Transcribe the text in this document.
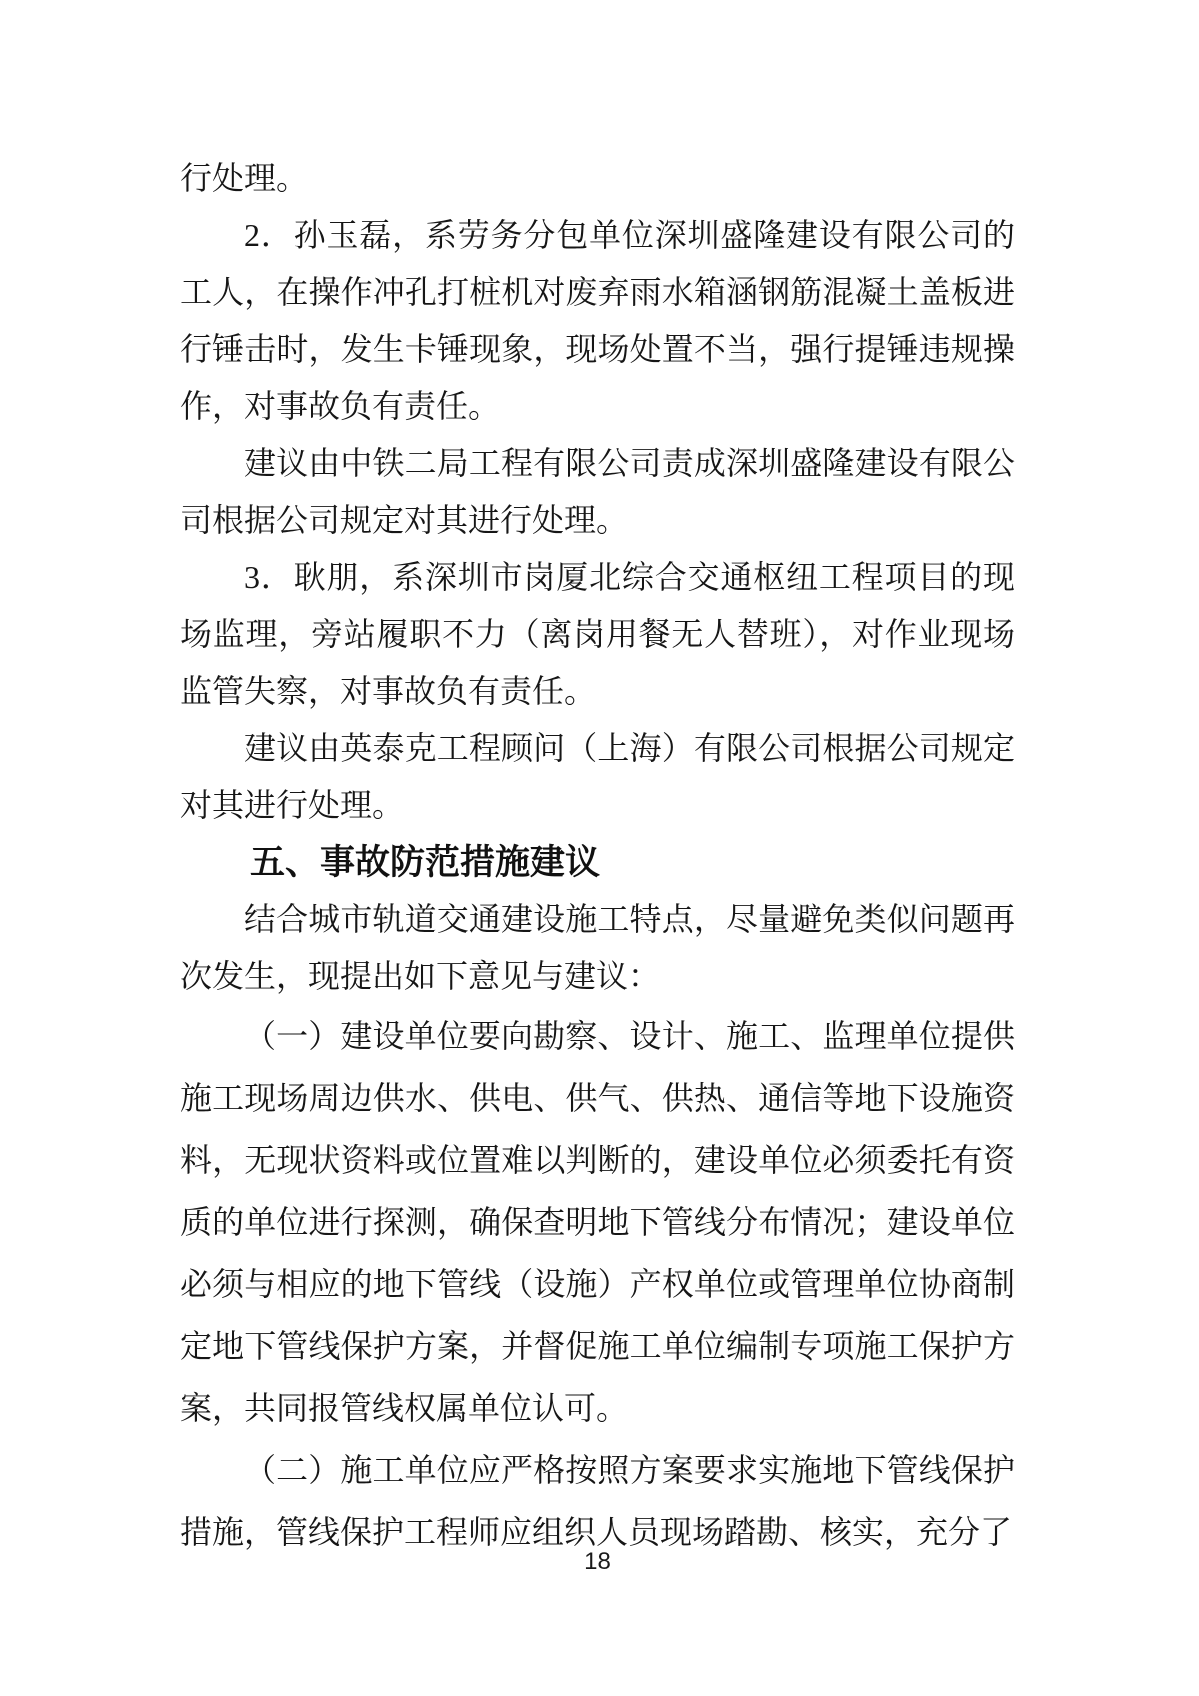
行处理。

2．孙玉磊，系劳务分包单位深圳盛隆建设有限公司的工人，在操作冲孔打桩机对废弃雨水箱涵钢筋混凝土盖板进行锤击时，发生卡锤现象，现场处置不当，强行提锤违规操作，对事故负有责任。

建议由中铁二局工程有限公司责成深圳盛隆建设有限公司根据公司规定对其进行处理。

3．耿朋，系深圳市岗厦北综合交通枢纽工程项目的现场监理，旁站履职不力（离岗用餐无人替班），对作业现场监管失察，对事故负有责任。

建议由英泰克工程顾问（上海）有限公司根据公司规定对其进行处理。

五、事故防范措施建议

结合城市轨道交通建设施工特点，尽量避免类似问题再次发生，现提出如下意见与建议：

（一）建设单位要向勘察、设计、施工、监理单位提供施工现场周边供水、供电、供气、供热、通信等地下设施资料，无现状资料或位置难以判断的，建设单位必须委托有资质的单位进行探测，确保查明地下管线分布情况；建设单位必须与相应的地下管线（设施）产权单位或管理单位协商制定地下管线保护方案，并督促施工单位编制专项施工保护方案，共同报管线权属单位认可。

（二）施工单位应严格按照方案要求实施地下管线保护措施，管线保护工程师应组织人员现场踏勘、核实，充分了

18
